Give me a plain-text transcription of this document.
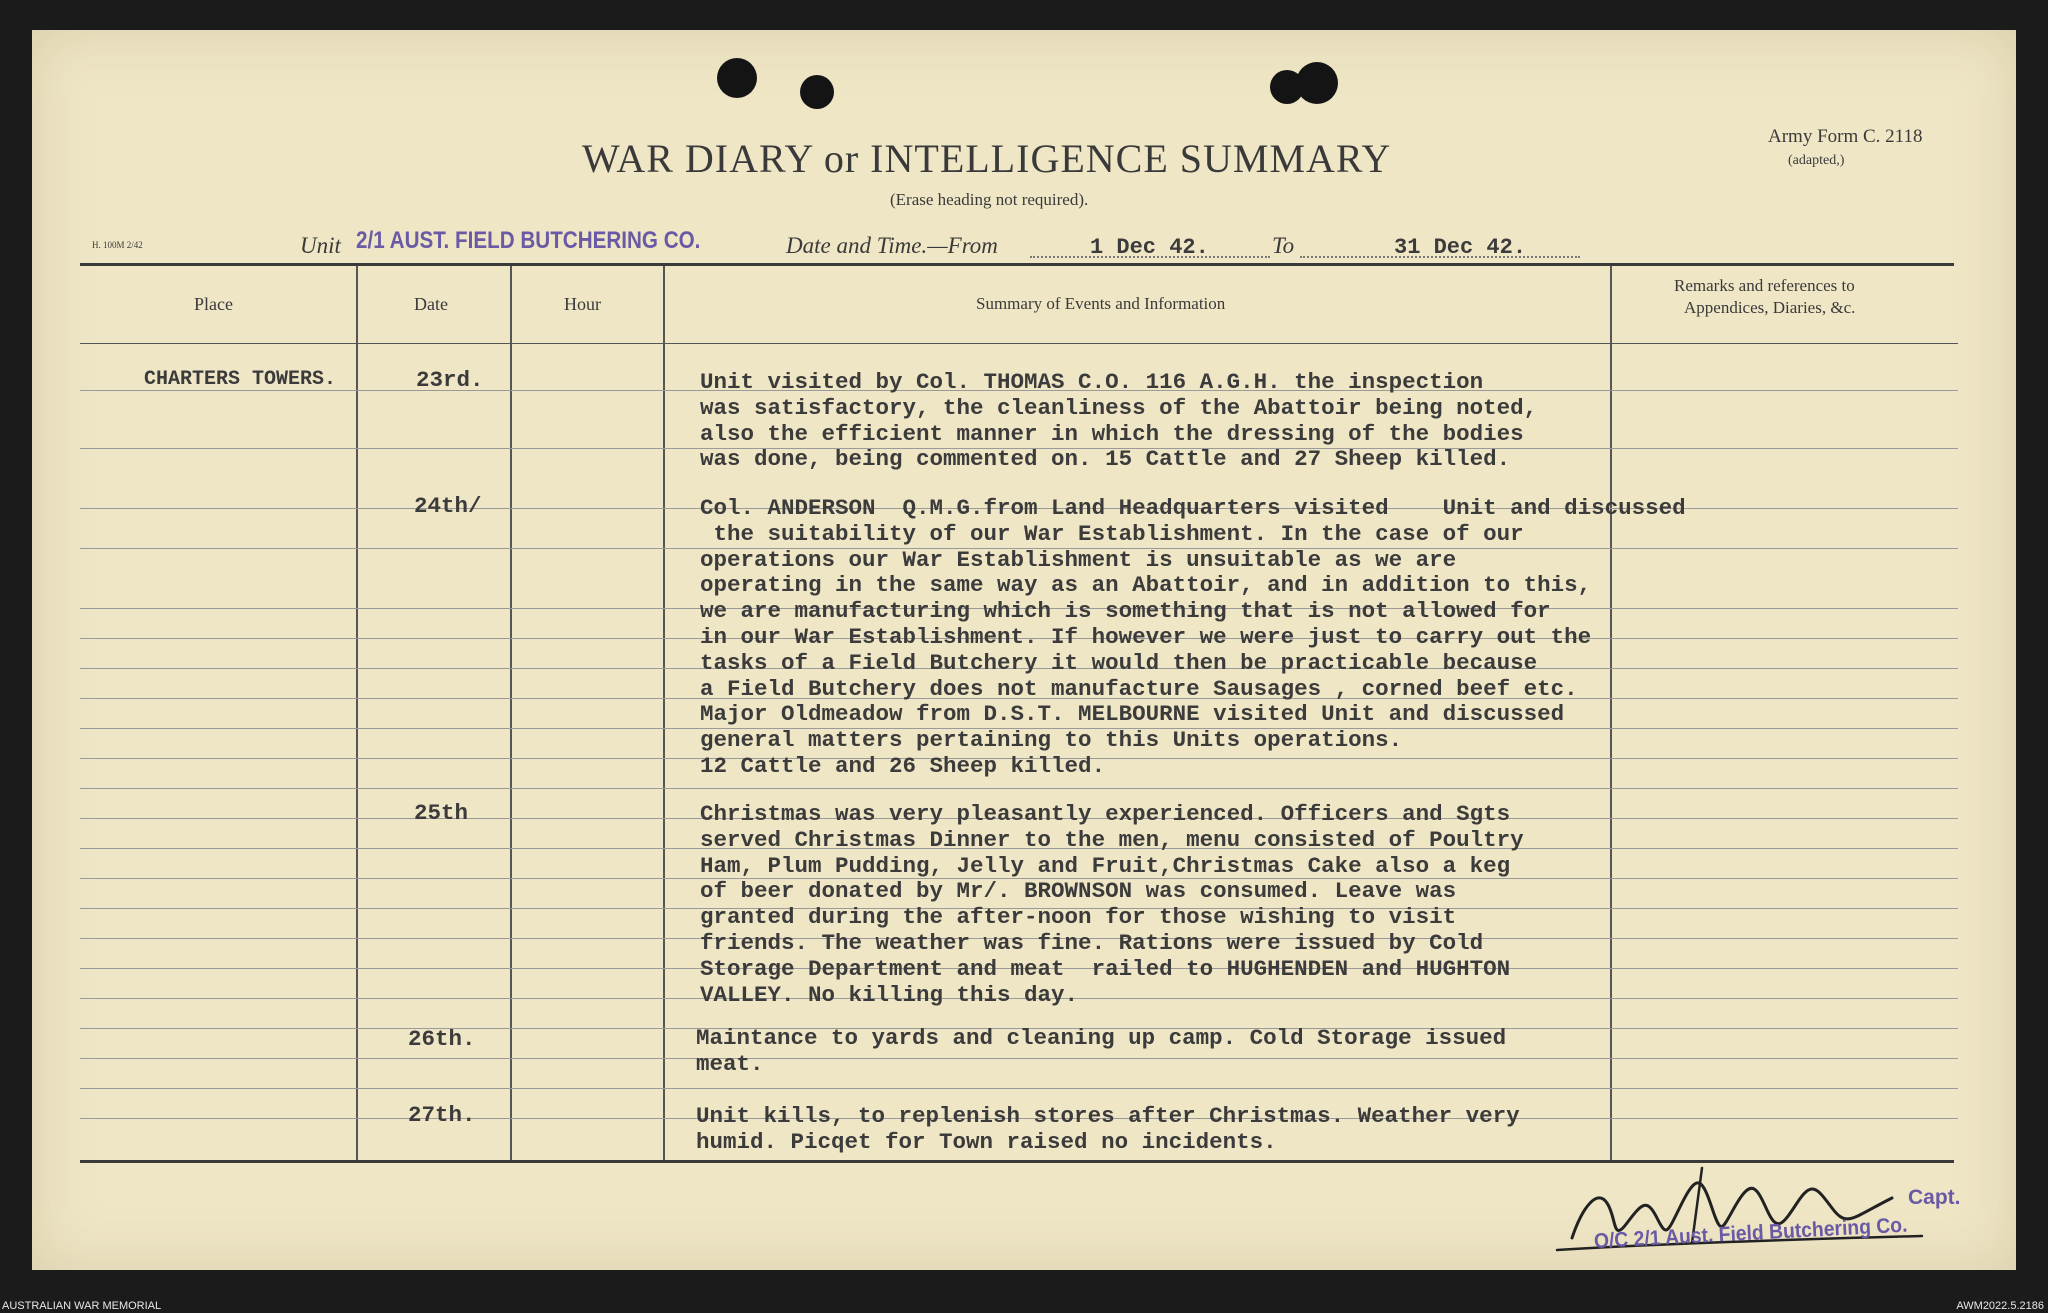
WAR DIARY or INTELLIGENCE SUMMARY
(Erase heading not required).
Army Form C. 2118
(adapted,)
H. 100M 2/42	Unit 2/1 AUST. FIELD BUTCHERING CO.	Date and Time.—From	1 Dec 42.	To	31 Dec 42.
Place	Date	Hour	Summary of Events and Information
Remarks and references to
Appendices, Diaries, &c.
CHARTERS TOWERS.	23rd.	Unit visited by Col. THOMAS C.O. 116 A.G.H. the inspection
was satisfactory, the cleanliness of the Abattoir being noted,
also the efficient manner in which the dressing of the bodies
was done, being commented on. 15 Cattle and 27 Sheep killed.
24th/	Col. ANDERSON  Q.M.G.from Land Headquarters visited    Unit and discussed
the suitability of our War Establishment. In the case of our
operations our War Establishment is unsuitable as we are
operating in the same way as an Abattoir, and in addition to this,
we are manufacturing which is something that is not allowed for
in our War Establishment. If however we were just to carry out the
tasks of a Field Butchery it would then be practicable because
a Field Butchery does not manufacture Sausages , corned beef etc.
Major Oldmeadow from D.S.T. MELBOURNE visited Unit and discussed
general matters pertaining to this Units operations.
12 Cattle and 26 Sheep killed.
25th	Christmas was very pleasantly experienced. Officers and Sgts
served Christmas Dinner to the men, menu consisted of Poultry
Ham, Plum Pudding, Jelly and Fruit,Christmas Cake also a keg
of beer donated by Mr/. BROWNSON was consumed. Leave was
granted during the after-noon for those wishing to visit
friends. The weather was fine. Rations were issued by Cold
Storage Department and meat  railed to HUGHENDEN and HUGHTON
VALLEY. No killing this day.
26th.	Maintance to yards and cleaning up camp. Cold Storage issued
meat.
27th.	Unit kills, to replenish stores after Christmas. Weather very
humid. Picqet for Town raised no incidents.
Capt.
O/C 2/1 Aust. Field Butchering Co.
AUSTRALIAN WAR MEMORIAL	AWM2022.5.2186
